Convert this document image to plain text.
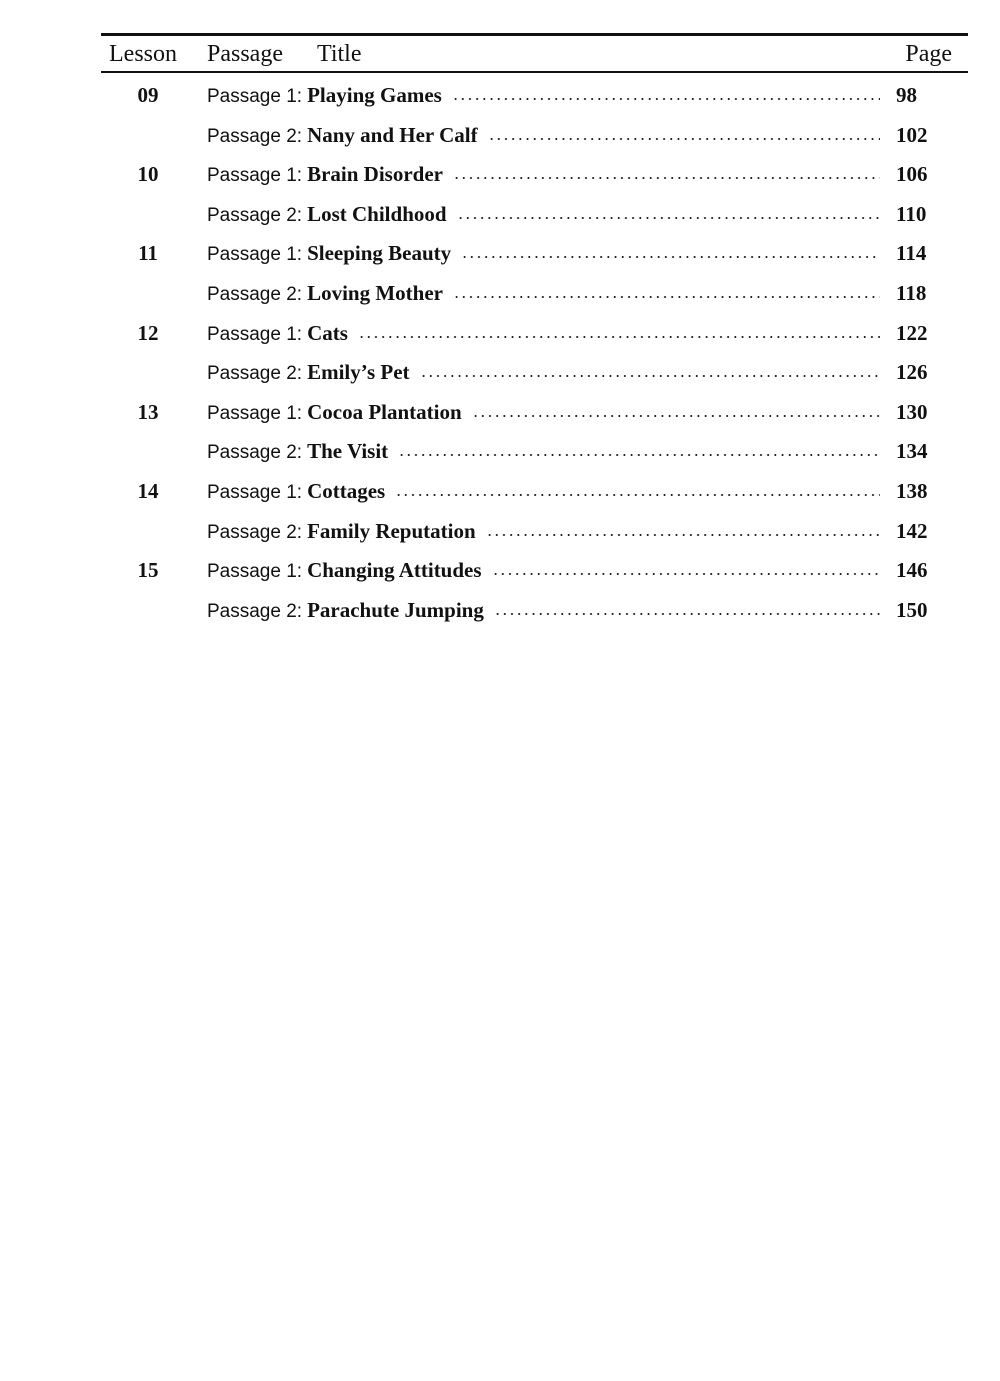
Lesson Passage Title	Page
09	Passage 1: Playing Games	98
Passage 2: Nany and Her Calf	102
10	Passage 1: Brain Disorder	106
Passage 2: Lost Childhood	110
11	Passage 1: Sleeping Beauty	114
Passage 2: Loving Mother	118
12	Passage 1: Cats	122
Passage 2: Emily’s Pet	126
13	Passage 1: Cocoa Plantation	130
Passage 2: The Visit	134
14	Passage 1: Cottages	138
Passage 2: Family Reputation	142
15	Passage 1: Changing Attitudes	146
Passage 2: Parachute Jumping	150
